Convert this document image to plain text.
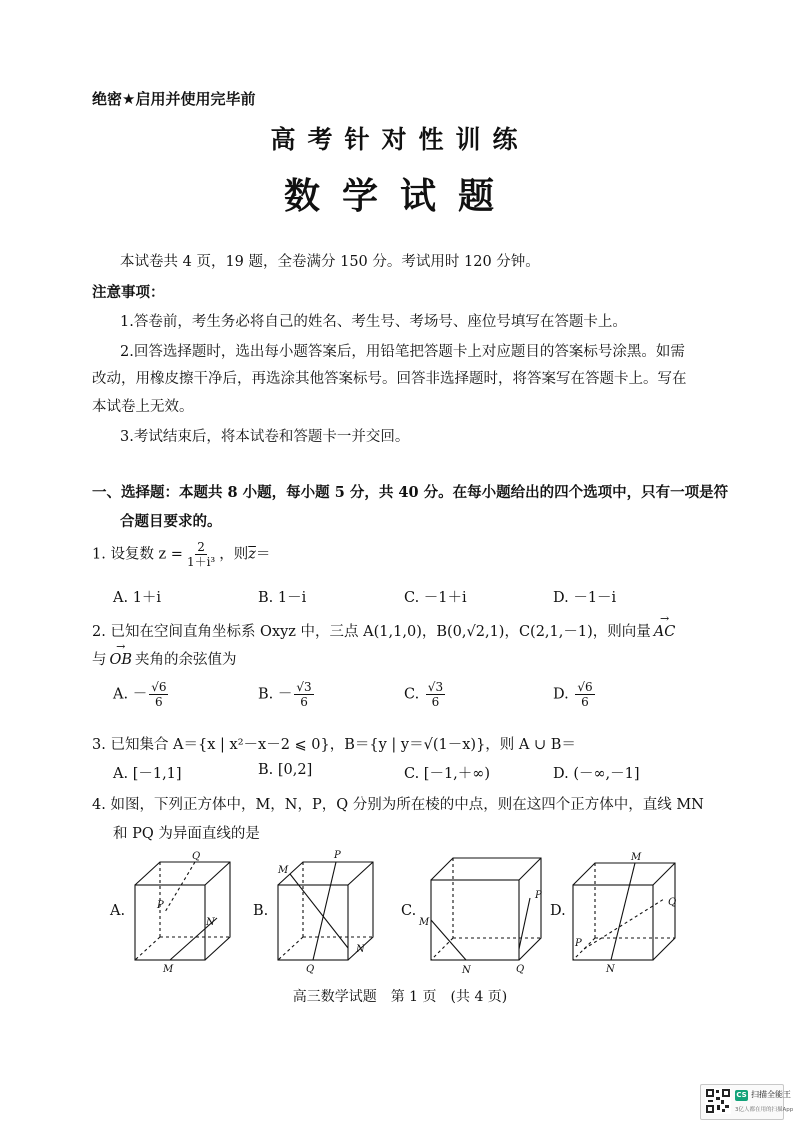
绝密★启用并使用完毕前
高考针对性训练
数学试题
本试卷共 4 页，19 题，全卷满分 150 分。考试用时 120 分钟。
注意事项：
1.答卷前，考生务必将自己的姓名、考生号、考场号、座位号填写在答题卡上。
2.回答选择题时，选出每小题答案后，用铅笔把答题卡上对应题目的答案标号涂黑。如需
改动，用橡皮擦干净后，再选涂其他答案标号。回答非选择题时，将答案写在答题卡上。写在
本试卷上无效。
3.考试结束后，将本试卷和答题卡一并交回。
一、选择题：本题共 8 小题，每小题 5 分，共 40 分。在每小题给出的四个选项中，只有一项是符
合题目要求的。
1. 设复数 $z = \frac{2}{\text{1＋i³}}$ ，则$\overline{z}=$
A. 1＋i	B. 1－i	C. －1＋i	D. －1－i
2. 已知在空间直角坐标系 Oxyz 中，三点 A(1,1,0)，B(0,√2,1)，C(2,1,－1)，则向量 → AC
与 → OB 夹角的余弦值为
A. － $\frac{√6}{6}$	B. － $\frac{√3}{6}$	C. $\frac{√3}{6}$	D. $\frac{√6}{6}$
3. 已知集合 A＝{x | x²－x－2 ⩽ 0}，B＝{y | y＝√(1－x)}，则 A ∪ B＝
A. [－1,1]	B. [0,2]	C. [－1,＋∞)	D. (－∞,－1]
4. 如图，下列正方体中，M，N，P，Q 分别为所在棱的中点，则在这四个正方体中，直线 MN
和 PQ 为异面直线的是
A.	B.	C.	D.
Q
P
N
M
M
P
N
Q
M
P
N	Q
M
Q
P
N
高三数学试题　第 1 页　(共 4 页)
CS 扫描全能王
3亿人都在用的扫描App
